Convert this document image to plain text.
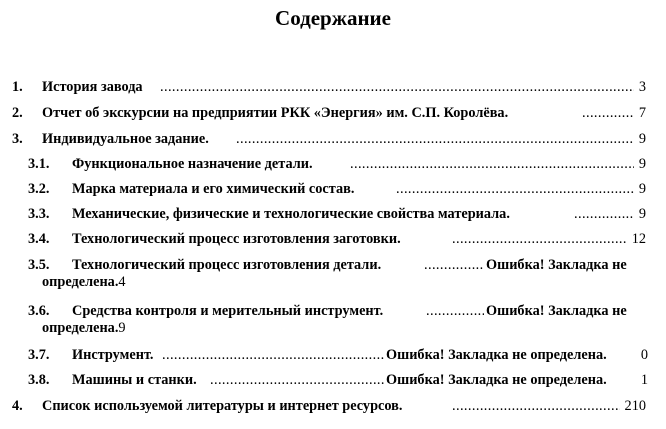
Содержание
1. История завода .....	3
2. Отчет об экскурсии на предприятии РКК «Энергия» им. С.П. Королёва. .....	7
3. Индивидуальное задание. .....	9
3.1. Функциональное назначение детали. .....	9
3.2. Марка материала и его химический состав. .....	9
3.3. Механические, физические и технологические свойства материала. .....	9
3.4. Технологический процесс изготовления заготовки. .....	12
3.5. Технологический процесс изготовления детали. .....	Ошибка! Закладка не
определена.4
3.6. Средства контроля и мерительный инструмент. .....	Ошибка! Закладка не
определена.9
3.7. Инструмент. .....	Ошибка! Закладка не определена. 0
3.8. Машины и станки. .....	Ошибка! Закладка не определена. 1
4. Список используемой литературы и интернет ресурсов. .....	210
